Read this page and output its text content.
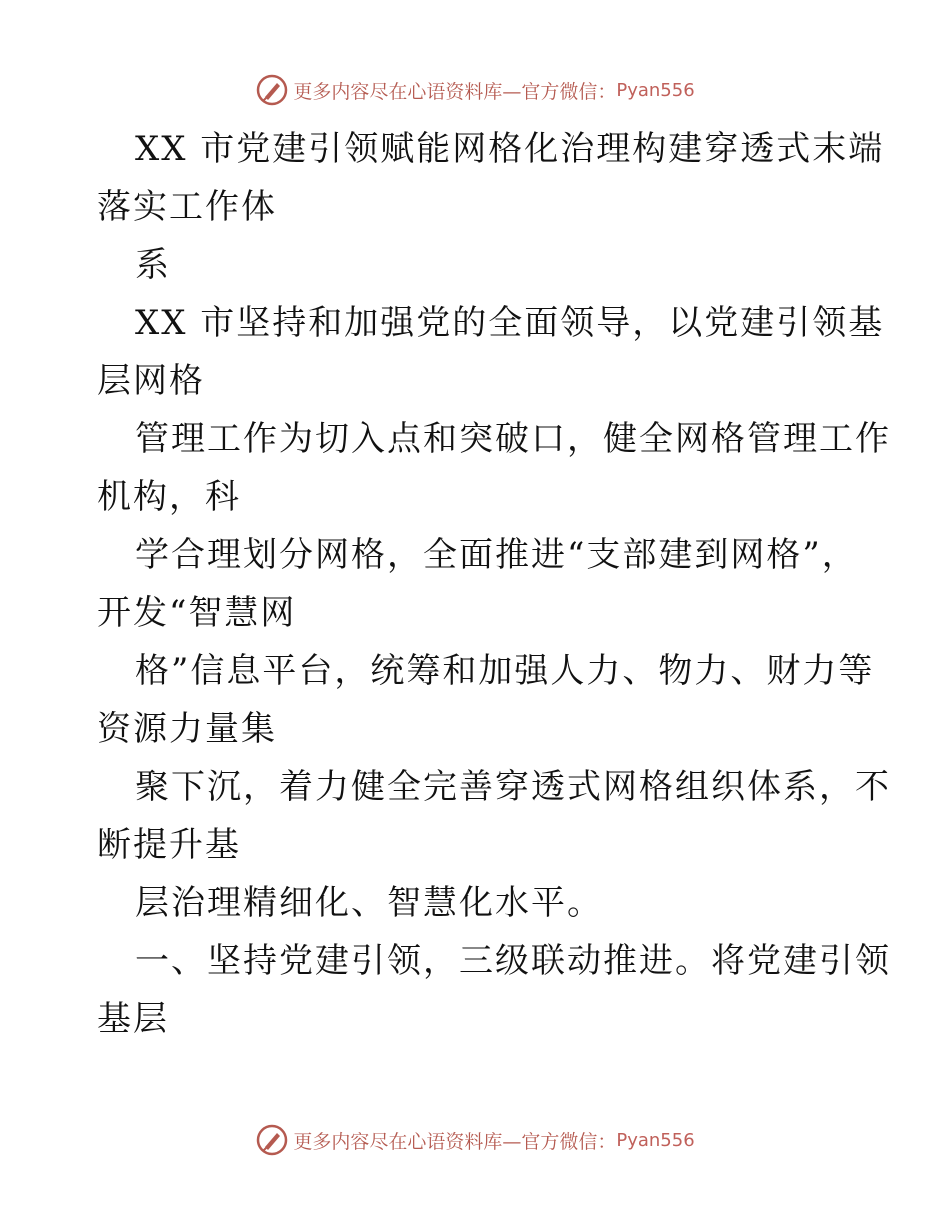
更多内容尽在心语资料库—官方微信： Pyan556
XX 市党建引领赋能网格化治理构建穿透式末端
落实工作体
系
XX 市坚持和加强党的全面领导，以党建引领基
层网格
管理工作为切入点和突破口，健全网格管理工作
机构，科
学合理划分网格，全面推进“支部建到网格”，
开发“智慧网
格”信息平台，统筹和加强人力、物力、财力等
资源力量集
聚下沉，着力健全完善穿透式网格组织体系，不
断提升基
层治理精细化、智慧化水平。
一、坚持党建引领，三级联动推进。将党建引领
基层
更多内容尽在心语资料库—官方微信： Pyan556
